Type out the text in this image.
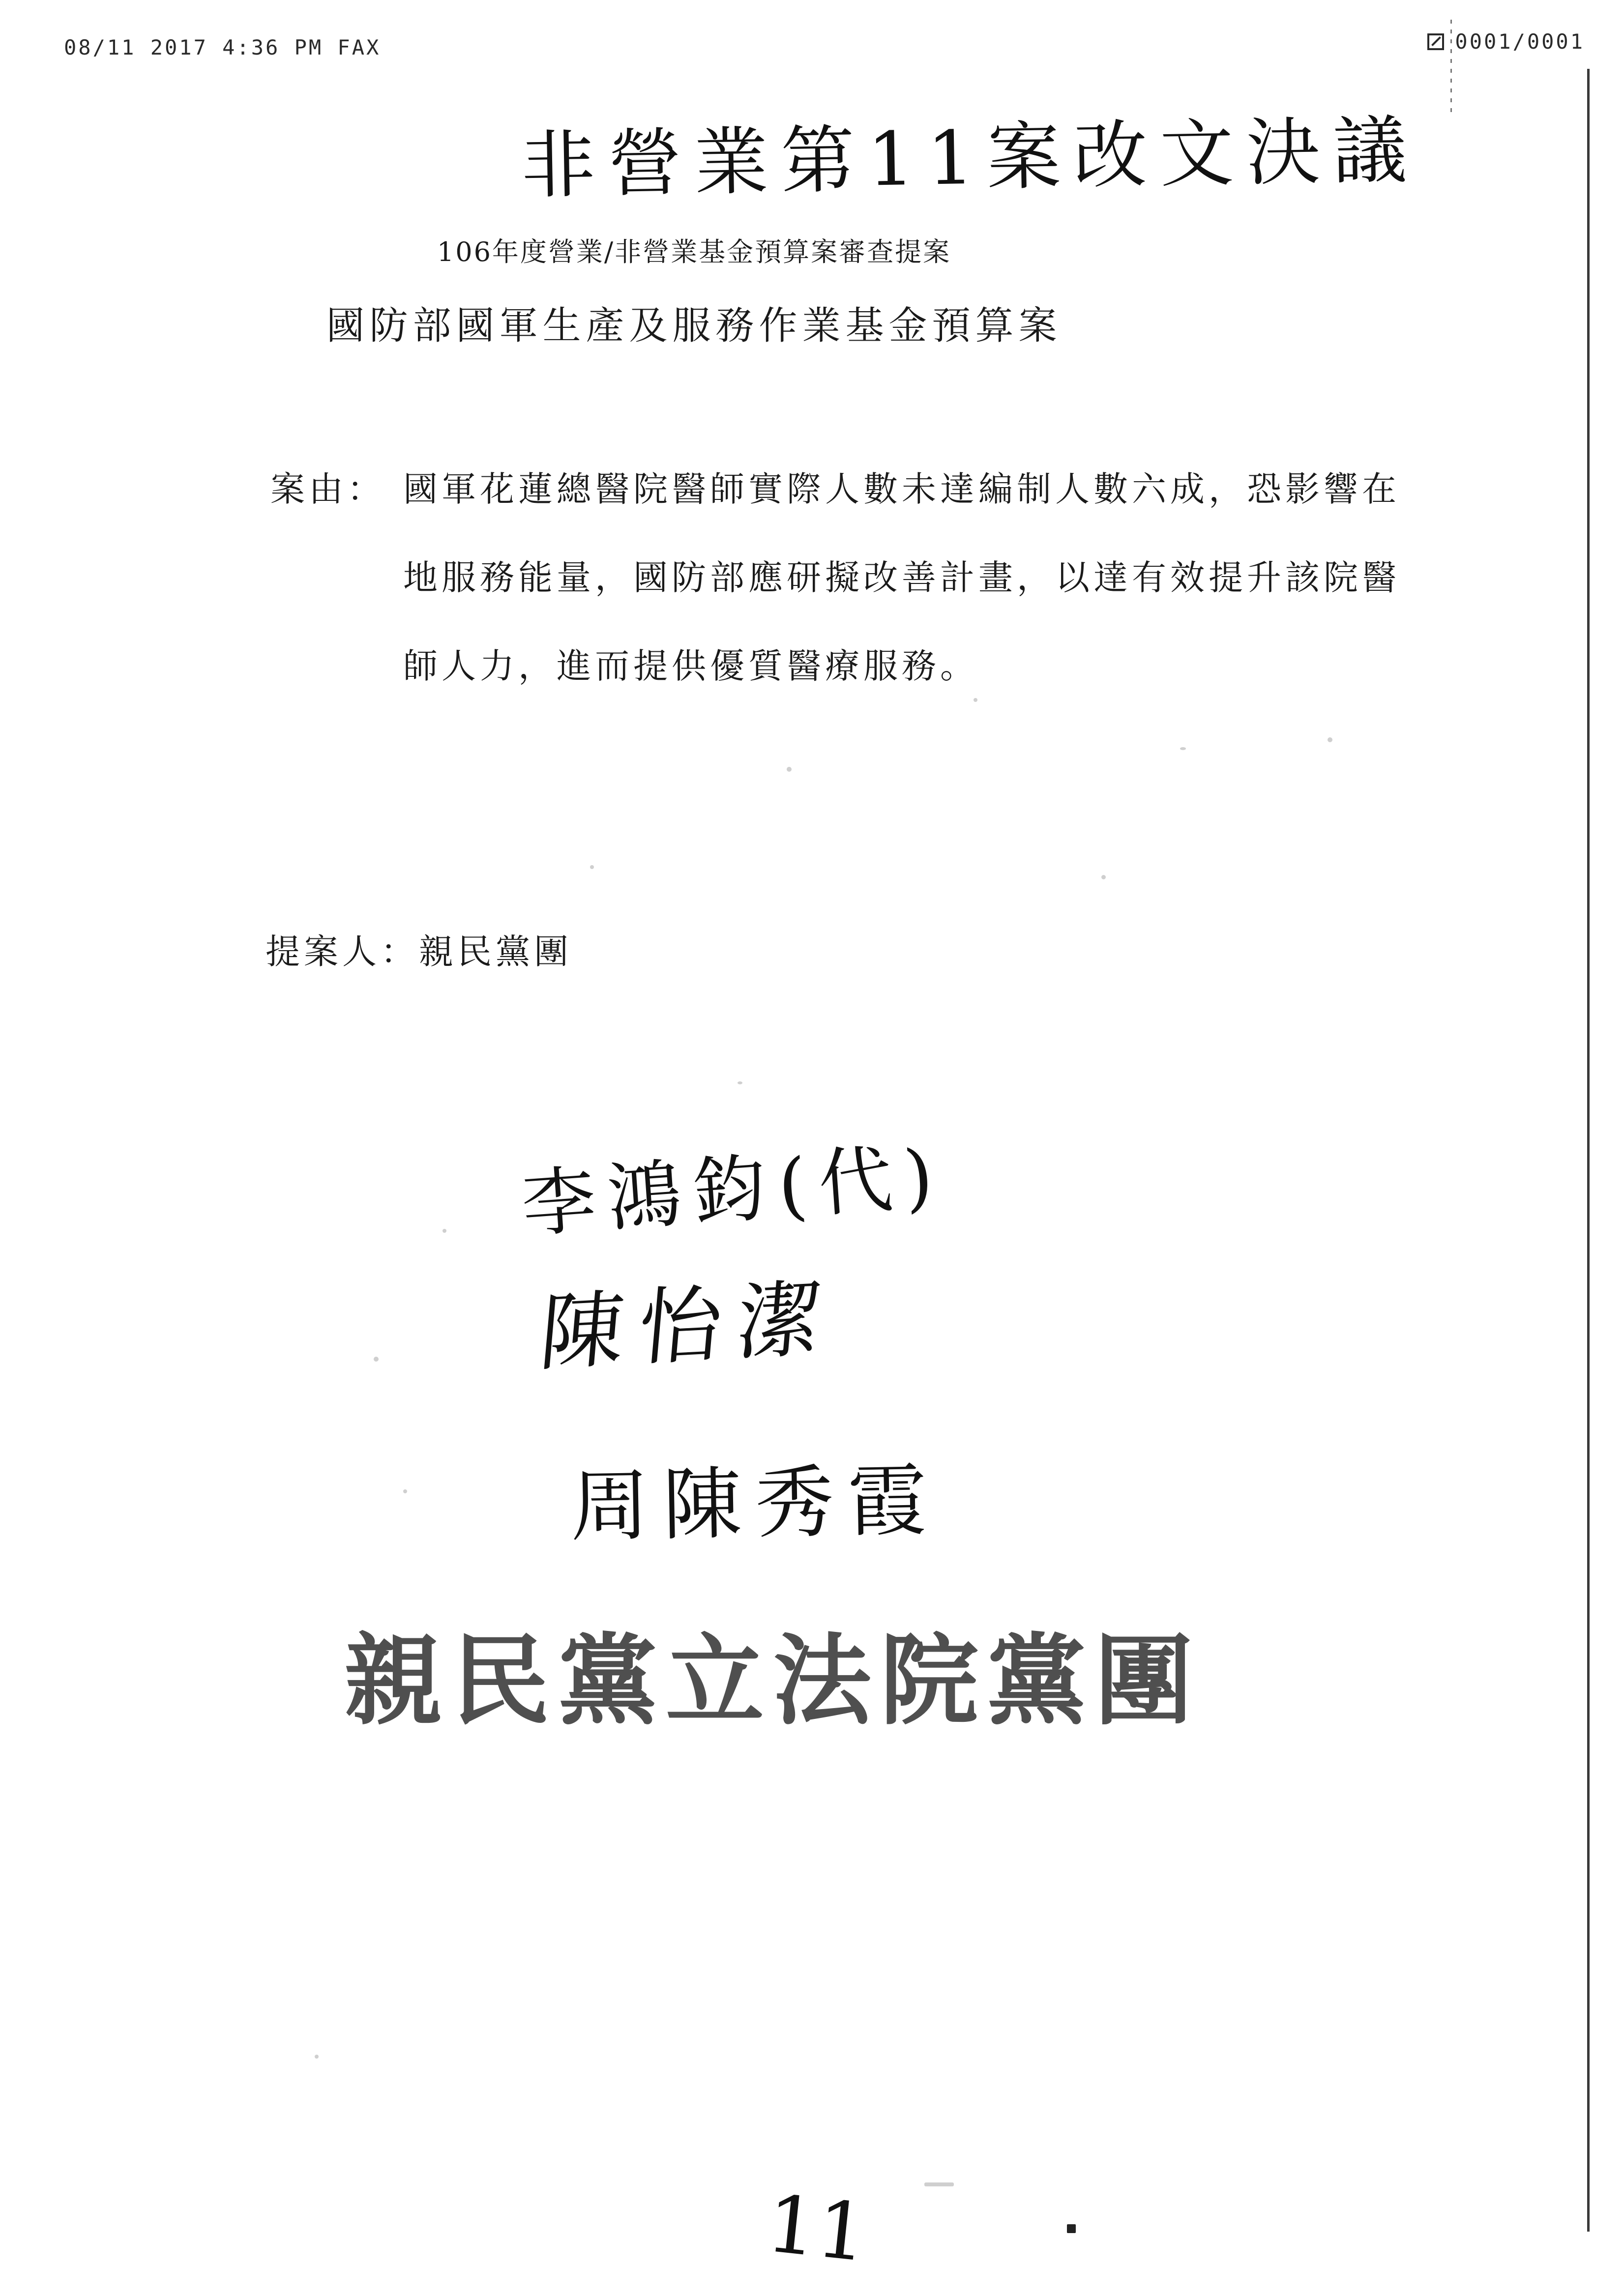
08/11 2017 4:36 PM FAX	0001/0001
非營業第11案改文決議
106年度營業/非營業基金預算案審查提案
國防部國軍生產及服務作業基金預算案
案由： 國軍花蓮總醫院醫師實際人數未達編制人數六成，恐影響在地服務能量，國防部應研擬改善計畫，以達有效提升該院醫師人力，進而提供優質醫療服務。
提案人：親民黨團
李鴻鈞(代)
陳怡潔
周陳秀霞
親民黨立法院黨團
11
